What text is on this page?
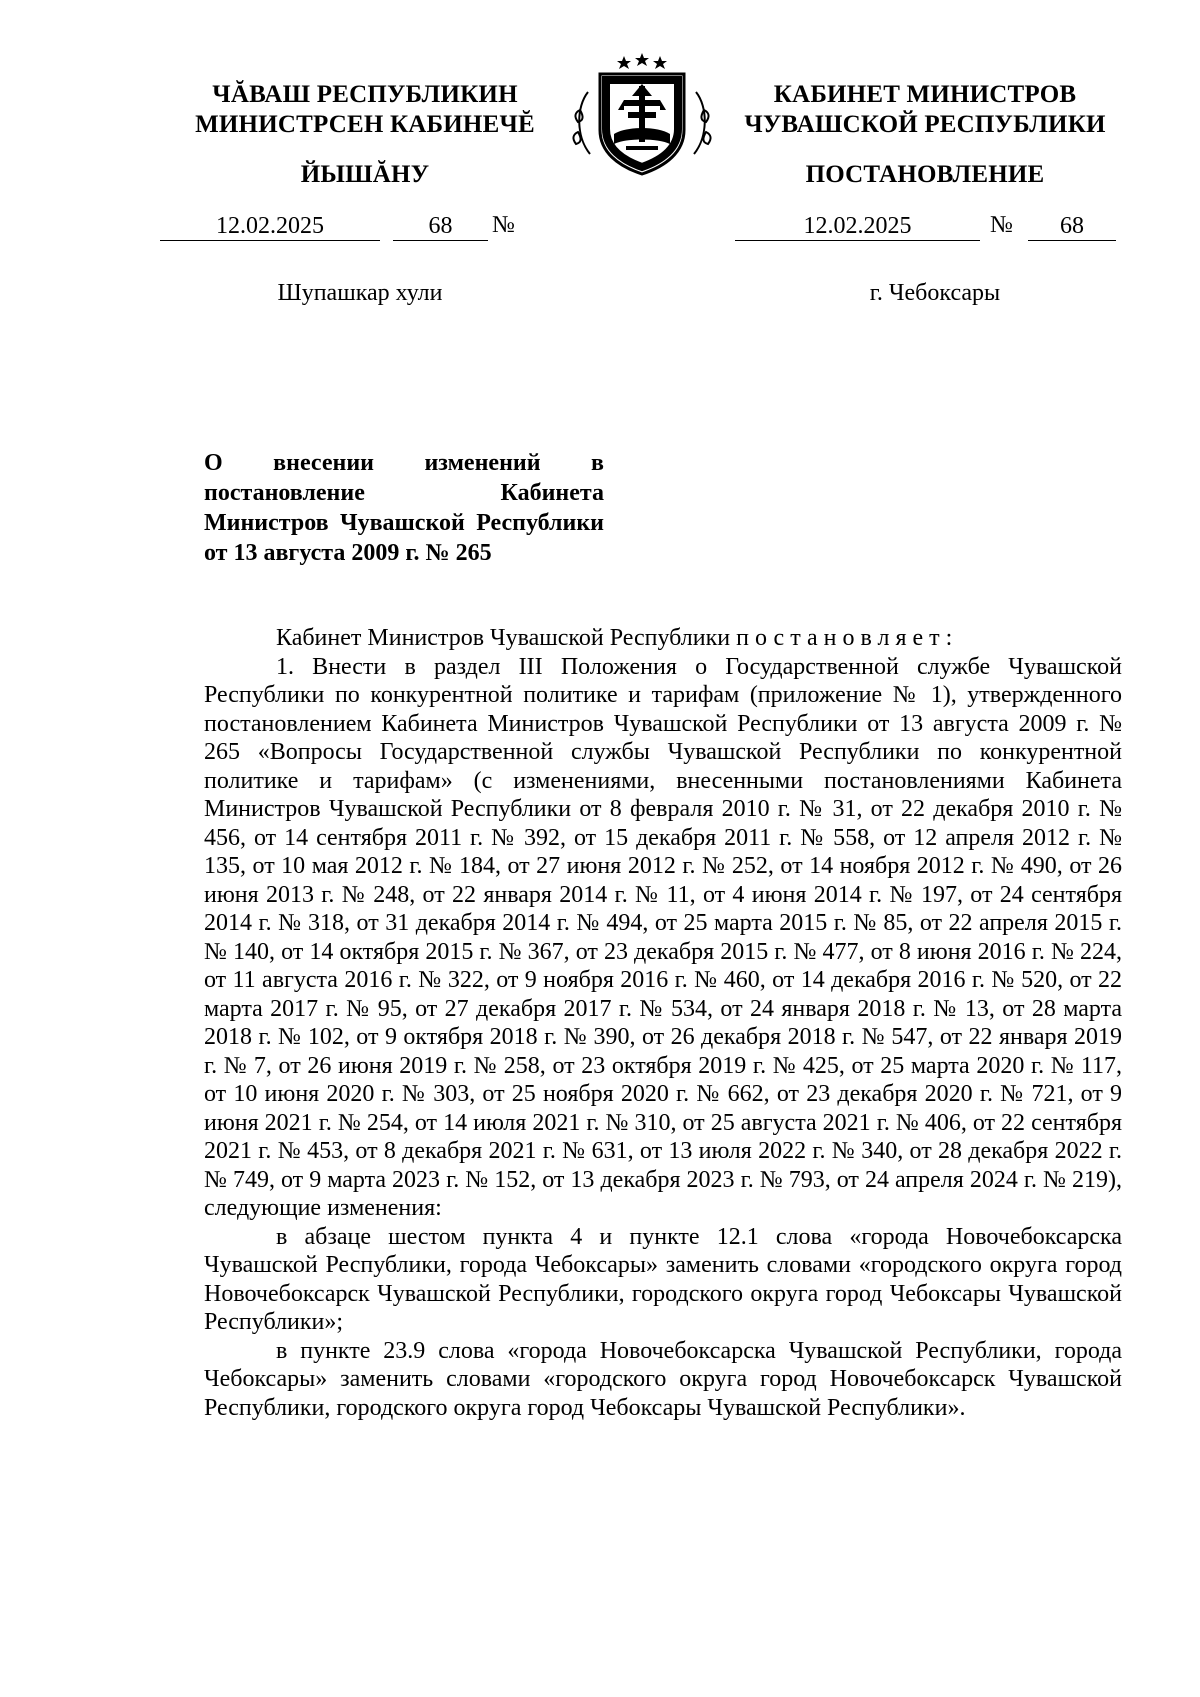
ЧĂВАШ РЕСПУБЛИКИН
МИНИСТРСЕН КАБИНЕЧĔ
ЙЫШĂНУ
КАБИНЕТ МИНИСТРОВ
ЧУВАШСКОЙ РЕСПУБЛИКИ
ПОСТАНОВЛЕНИЕ
12.02.2025	68	№	12.02.2025	№	68
Шупашкар хули	г. Чебоксары
О внесении изменений в постановление Кабинета Министров Чувашской Республики от 13 августа 2009 г. № 265

Кабинет Министров Чувашской Республики постановляет:

1. Внести в раздел III Положения о Государственной службе Чувашской Республики по конкурентной политике и тарифам (приложение № 1), утвержденного постановлением Кабинета Министров Чувашской Республики от 13 августа 2009 г. № 265 «Вопросы Государственной службы Чувашской Республики по конкурентной политике и тарифам» (с изменениями, внесенными постановлениями Кабинета Министров Чувашской Республики от 8 февраля 2010 г. № 31, от 22 декабря 2010 г. № 456, от 14 сентября 2011 г. № 392, от 15 декабря 2011 г. № 558, от 12 апреля 2012 г. № 135, от 10 мая 2012 г. № 184, от 27 июня 2012 г. № 252, от 14 ноября 2012 г. № 490, от 26 июня 2013 г. № 248, от 22 января 2014 г. № 11, от 4 июня 2014 г. № 197, от 24 сентября 2014 г. № 318, от 31 декабря 2014 г. № 494, от 25 марта 2015 г. № 85, от 22 апреля 2015 г. № 140, от 14 октября 2015 г. № 367, от 23 декабря 2015 г. № 477, от 8 июня 2016 г. № 224, от 11 августа 2016 г. № 322, от 9 ноября 2016 г. № 460, от 14 декабря 2016 г. № 520, от 22 марта 2017 г. № 95, от 27 декабря 2017 г. № 534, от 24 января 2018 г. № 13, от 28 марта 2018 г. № 102, от 9 октября 2018 г. № 390, от 26 декабря 2018 г. № 547, от 22 января 2019 г. № 7, от 26 июня 2019 г. № 258, от 23 октября 2019 г. № 425, от 25 марта 2020 г. № 117, от 10 июня 2020 г. № 303, от 25 ноября 2020 г. № 662, от 23 декабря 2020 г. № 721, от 9 июня 2021 г. № 254, от 14 июля 2021 г. № 310, от 25 августа 2021 г. № 406, от 22 сентября 2021 г. № 453, от 8 декабря 2021 г. № 631, от 13 июля 2022 г. № 340, от 28 декабря 2022 г. № 749, от 9 марта 2023 г. № 152, от 13 декабря 2023 г. № 793, от 24 апреля 2024 г. № 219), следующие изменения:

в абзаце шестом пункта 4 и пункте 12.1 слова «города Новочебоксарска Чувашской Республики, города Чебоксары» заменить словами «городского округа город Новочебоксарск Чувашской Республики, городского округа город Чебоксары Чувашской Республики»;

в пункте 23.9 слова «города Новочебоксарска Чувашской Республики, города Чебоксары» заменить словами «городского округа город Новочебоксарск Чувашской Республики, городского округа город Чебоксары Чувашской Республики».
